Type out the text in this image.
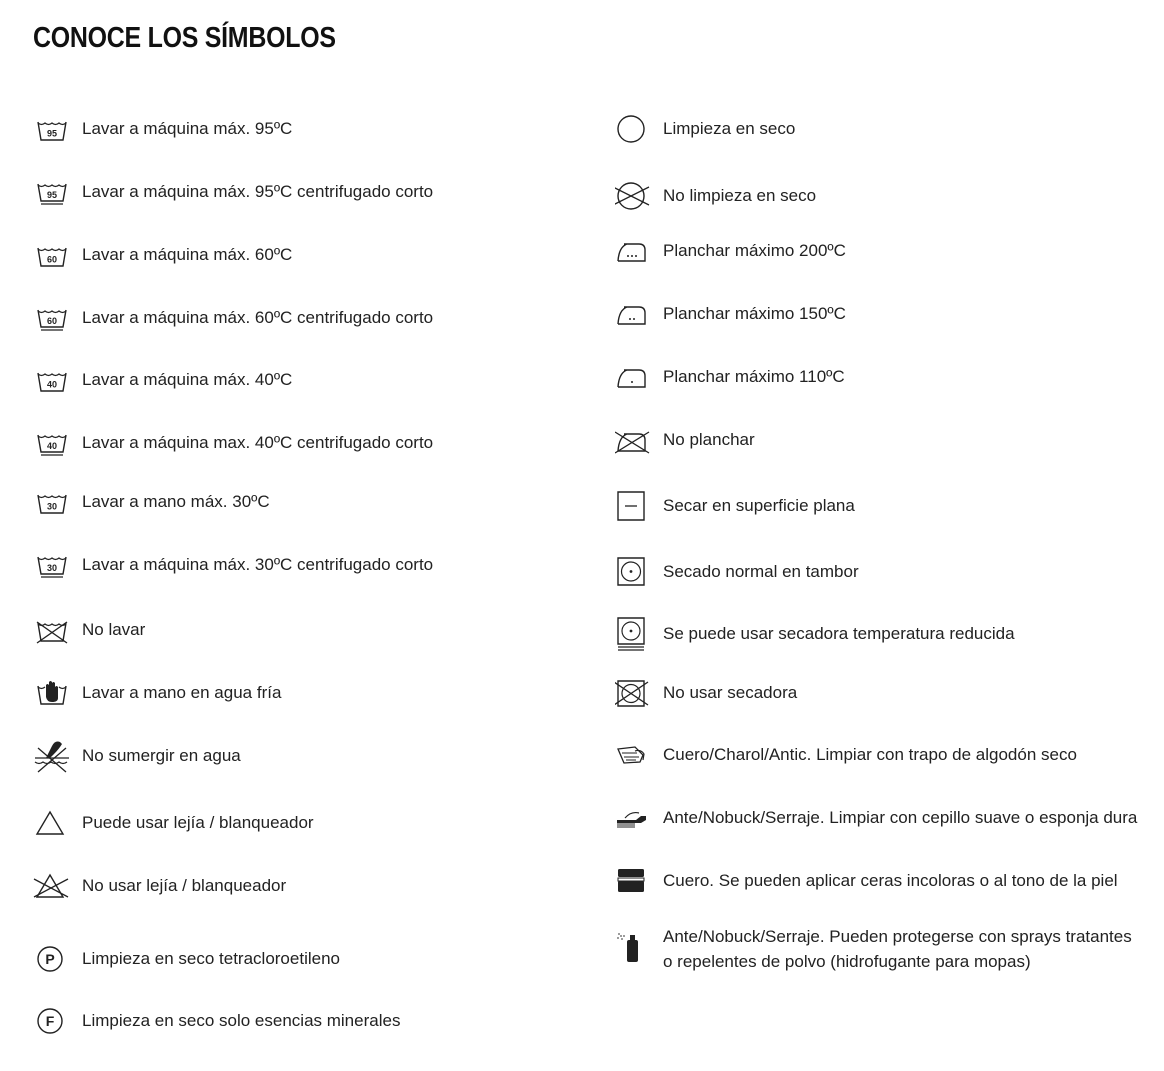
CONOCE LOS SÍMBOLOS
95 Lavar a máquina máx. 95ºC
95 Lavar a máquina máx. 95ºC centrifugado corto
60 Lavar a máquina máx. 60ºC
60 Lavar a máquina máx. 60ºC centrifugado corto
40 Lavar a máquina máx. 40ºC
40 Lavar a máquina max. 40ºC centrifugado corto
30 Lavar a mano máx. 30ºC
30 Lavar a máquina máx. 30ºC centrifugado corto
No lavar
Lavar a mano en agua fría
No sumergir en agua
Puede usar lejía / blanqueador
No usar lejía / blanqueador
P Limpieza en seco tetracloroetileno
F Limpieza en seco solo esencias minerales
Limpieza en seco
No limpieza en seco
Planchar máximo 200ºC
Planchar máximo 150ºC
Planchar máximo 110ºC
No planchar
Secar en superficie plana
Secado normal en tambor
Se puede usar secadora temperatura reducida
No usar secadora
Cuero/Charol/Antic. Limpiar con trapo de algodón seco
Ante/Nobuck/Serraje. Limpiar con cepillo suave o esponja dura
Cuero. Se pueden aplicar ceras incoloras o al tono de la piel
Ante/Nobuck/Serraje. Pueden protegerse con sprays tratantes o repelentes de polvo (hidrofugante para mopas)
